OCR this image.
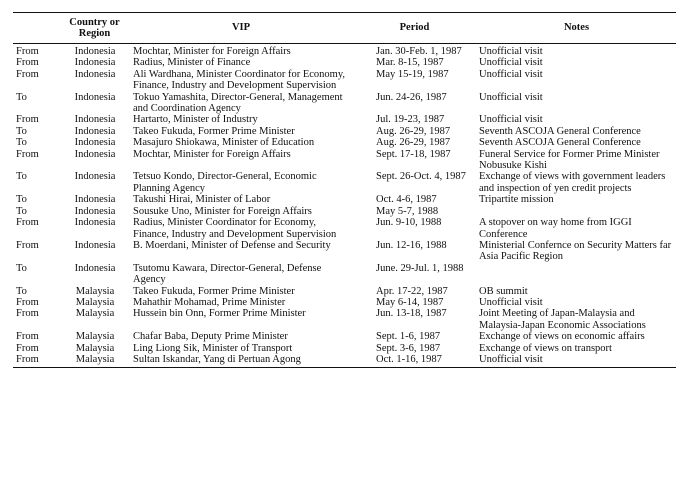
	Country or Region	VIP	Period	Notes
From	Indonesia	Mochtar, Minister for Foreign Affairs	Jan. 30-Feb. 1, 1987	Unofficial visit
From	Indonesia	Radius, Minister of Finance	Mar. 8-15, 1987	Unofficial visit
From	Indonesia	Ali Wardhana, Minister Coordinator for Economy, Finance, Industry and Development Supervision	May 15-19, 1987	Unofficial visit
To	Indonesia	Tokuo Yamashita, Director-General, Management and Coordination Agency	Jun. 24-26, 1987	Unofficial visit
From	Indonesia	Hartarto, Minister of Industry	Jul. 19-23, 1987	Unofficial visit
To	Indonesia	Takeo Fukuda, Former Prime Minister	Aug. 26-29, 1987	Seventh ASCOJA General Conference
To	Indonesia	Masajuro Shiokawa, Minister of Education	Aug. 26-29, 1987	Seventh ASCOJA General Conference
From	Indonesia	Mochtar, Minister for Foreign Affairs	Sept. 17-18, 1987	Funeral Service for Former Prime Minister Nobusuke Kishi
To	Indonesia	Tetsuo Kondo, Director-General, Economic Planning Agency	Sept. 26-Oct. 4, 1987	Exchange of views with government leaders and inspection of yen credit projects
To	Indonesia	Takushi Hirai, Minister of Labor	Oct. 4-6, 1987	Tripartite mission
To	Indonesia	Sousuke Uno, Minister for Foreign Affairs	May 5-7, 1988	
From	Indonesia	Radius, Minister Coordinator for Economy, Finance, Industry and Development Supervision	Jun. 9-10, 1988	A stopover on way home from IGGI Conference
From	Indonesia	B. Moerdani, Minister of Defense and Security	Jun. 12-16, 1988	Ministerial Confernce on Security Matters far Asia Pacific Region
To	Indonesia	Tsutomu Kawara, Director-General, Defense Agency	June. 29-Jul. 1, 1988	
To	Malaysia	Takeo Fukuda, Former Prime Minister	Apr. 17-22, 1987	OB summit
From	Malaysia	Mahathir Mohamad, Prime Minister	May 6-14, 1987	Unofficial visit
From	Malaysia	Hussein bin Onn, Former Prime Minister	Jun. 13-18, 1987	Joint Meeting of Japan-Malaysia and Malaysia-Japan Economic Associations
From	Malaysia	Chafar Baba, Deputy Prime Minister	Sept. 1-6, 1987	Exchange of views on economic affairs
From	Malaysia	Ling Liong Sik, Minister of Transport	Sept. 3-6, 1987	Exchange of views on transport
From	Malaysia	Sultan Iskandar, Yang di Pertuan Agong	Oct. 1-16, 1987	Unofficial visit
